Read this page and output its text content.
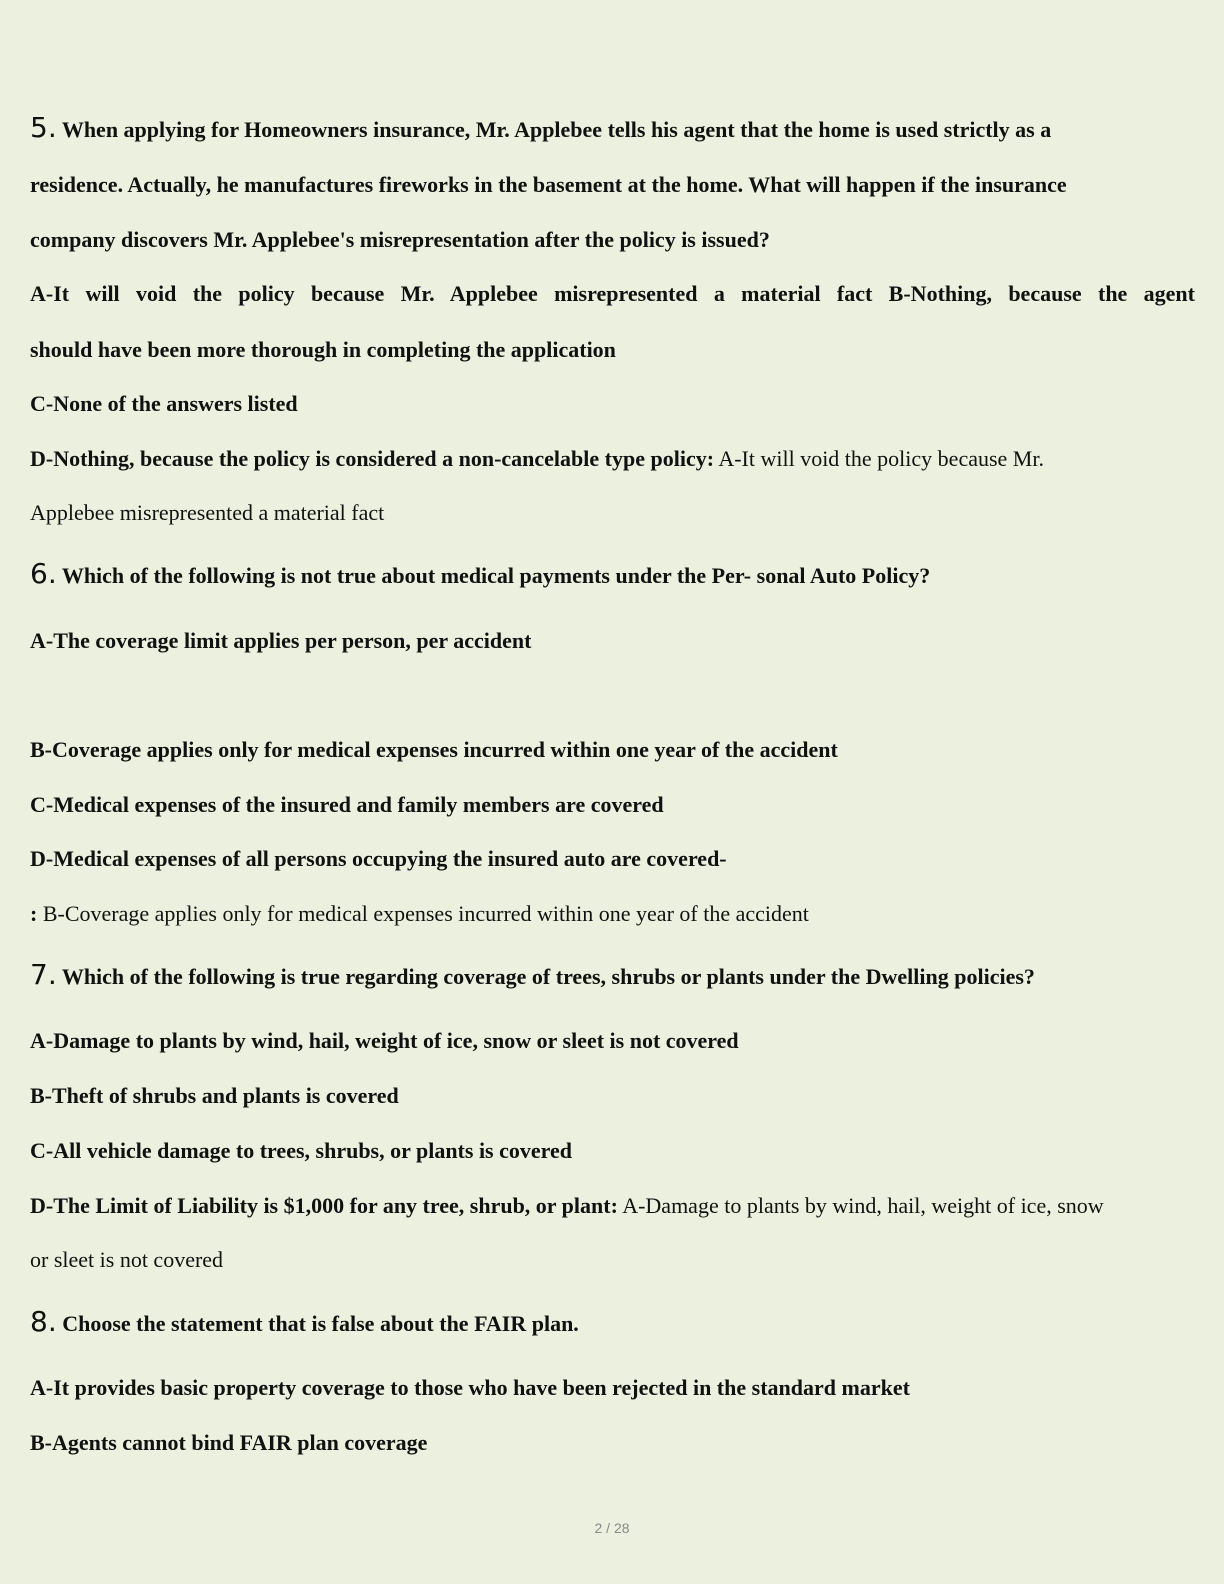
5. When applying for Homeowners insurance, Mr. Applebee tells his agent that the home is used strictly as a
residence. Actually, he manufactures fireworks in the basement at the home. What will happen if the insurance
company discovers Mr. Applebee's misrepresentation after the policy is issued?
A-It will void the policy because Mr. Applebee misrepresented a material fact B-Nothing, because the agent
should have been more thorough in completing the application
C-None of the answers listed
D-Nothing, because the policy is considered a non-cancelable type policy: A-It will void the policy because Mr.
Applebee misrepresented a material fact
6. Which of the following is not true about medical payments under the Per- sonal Auto Policy?
A-The coverage limit applies per person, per accident
B-Coverage applies only for medical expenses incurred within one year of the accident
C-Medical expenses of the insured and family members are covered
D-Medical expenses of all persons occupying the insured auto are covered-
: B-Coverage applies only for medical expenses incurred within one year of the accident
7. Which of the following is true regarding coverage of trees, shrubs or plants under the Dwelling policies?
A-Damage to plants by wind, hail, weight of ice, snow or sleet is not covered
B-Theft of shrubs and plants is covered
C-All vehicle damage to trees, shrubs, or plants is covered
D-The Limit of Liability is $1,000 for any tree, shrub, or plant: A-Damage to plants by wind, hail, weight of ice, snow
or sleet is not covered
8. Choose the statement that is false about the FAIR plan.
A-It provides basic property coverage to those who have been rejected in the standard market
B-Agents cannot bind FAIR plan coverage
2 / 28
